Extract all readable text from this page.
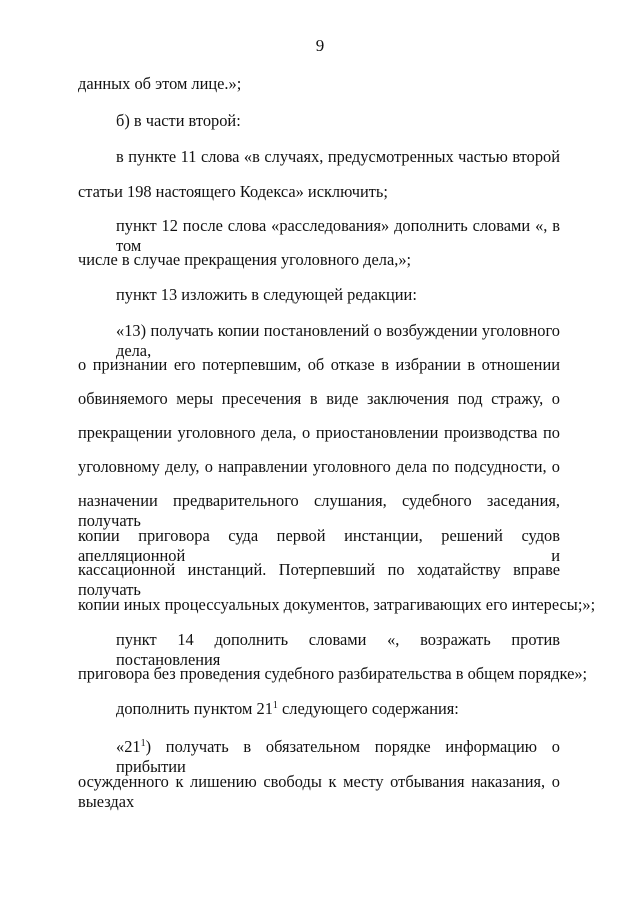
9
данных об этом лице.»;
б) в части второй:
в пункте 11 слова «в случаях, предусмотренных частью второй
статьи 198 настоящего Кодекса» исключить;
пункт 12 после слова «расследования» дополнить словами «, в том
числе в случае прекращения уголовного дела,»;
пункт 13 изложить в следующей редакции:
«13) получать копии постановлений о возбуждении уголовного дела,
о признании его потерпевшим, об отказе в избрании в отношении
обвиняемого меры пресечения в виде заключения под стражу, о
прекращении уголовного дела, о приостановлении производства по
уголовному делу, о направлении уголовного дела по подсудности, о
назначении предварительного слушания, судебного заседания, получать
копии приговора суда первой инстанции, решений судов апелляционной и
кассационной инстанций. Потерпевший по ходатайству вправе получать
копии иных процессуальных документов, затрагивающих его интересы;»;
пункт 14 дополнить словами «, возражать против постановления
приговора без проведения судебного разбирательства в общем порядке»;
дополнить пунктом $21^1$ следующего содержания:
«$21^1$) получать в обязательном порядке информацию о прибытии
осужденного к лишению свободы к месту отбывания наказания, о выездах
